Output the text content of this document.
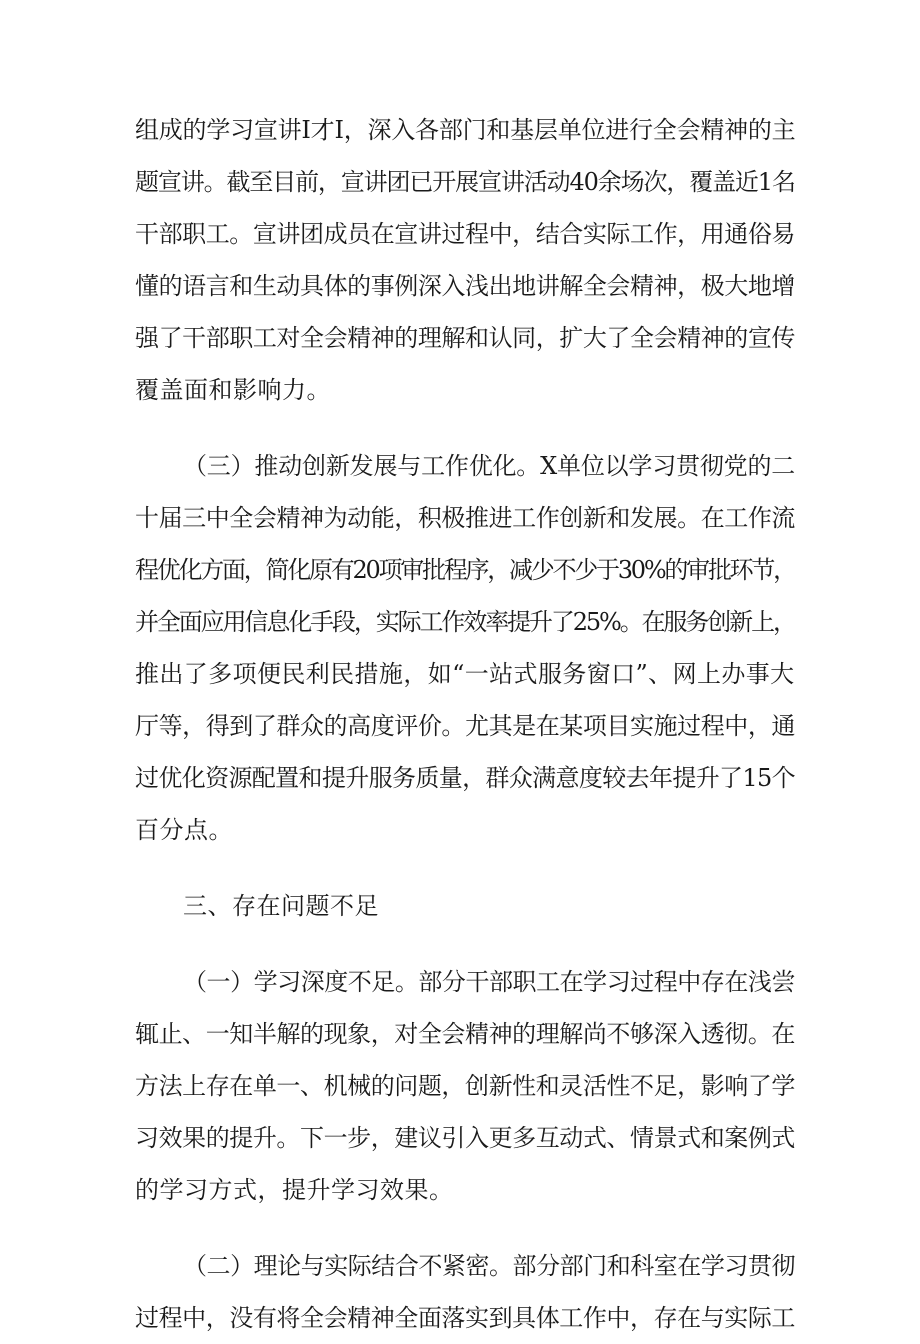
组成的学习宣讲I才I，深入各部门和基层单位进行全会精神的主
题宣讲。截至目前，宣讲团已开展宣讲活动40余场次，覆盖近1名
干部职工。宣讲团成员在宣讲过程中，结合实际工作，用通俗易
懂的语言和生动具体的事例深入浅出地讲解全会精神，极大地增
强了干部职工对全会精神的理解和认同，扩大了全会精神的宣传
覆盖面和影响力。
（三）推动创新发展与工作优化。X单位以学习贯彻党的二
十届三中全会精神为动能，积极推进工作创新和发展。在工作流
程优化方面，简化原有20项审批程序，减少不少于30%的审批环节，
并全面应用信息化手段，实际工作效率提升了25%。在服务创新上，
推出了多项便民利民措施，如“一站式服务窗口”、网上办事大
厅等，得到了群众的高度评价。尤其是在某项目实施过程中，通
过优化资源配置和提升服务质量，群众满意度较去年提升了15个
百分点。
三、存在问题不足
（一）学习深度不足。部分干部职工在学习过程中存在浅尝
辄止、一知半解的现象，对全会精神的理解尚不够深入透彻。在
方法上存在单一、机械的问题，创新性和灵活性不足，影响了学
习效果的提升。下一步，建议引入更多互动式、情景式和案例式
的学习方式，提升学习效果。
（二）理论与实际结合不紧密。部分部门和科室在学习贯彻
过程中，没有将全会精神全面落实到具体工作中，存在与实际工
